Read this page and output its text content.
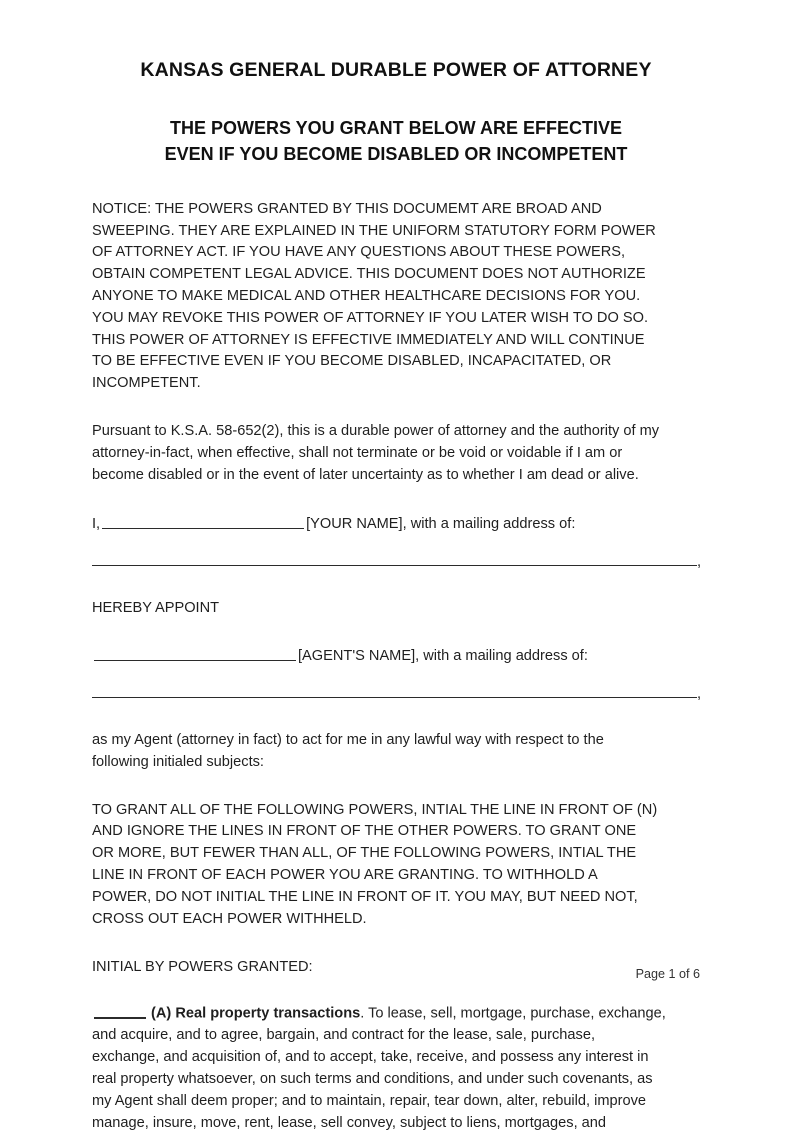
KANSAS GENERAL DURABLE POWER OF ATTORNEY
THE POWERS YOU GRANT BELOW ARE EFFECTIVE
EVEN IF YOU BECOME DISABLED OR INCOMPETENT

NOTICE: THE POWERS GRANTED BY THIS DOCUMEMT ARE BROAD AND
SWEEPING. THEY ARE EXPLAINED IN THE UNIFORM STATUTORY FORM POWER
OF ATTORNEY ACT. IF YOU HAVE ANY QUESTIONS ABOUT THESE POWERS,
OBTAIN COMPETENT LEGAL ADVICE. THIS DOCUMENT DOES NOT AUTHORIZE
ANYONE TO MAKE MEDICAL AND OTHER HEALTHCARE DECISIONS FOR YOU.
YOU MAY REVOKE THIS POWER OF ATTORNEY IF YOU LATER WISH TO DO SO.
THIS POWER OF ATTORNEY IS EFFECTIVE IMMEDIATELY AND WILL CONTINUE
TO BE EFFECTIVE EVEN IF YOU BECOME DISABLED, INCAPACITATED, OR
INCOMPETENT.

Pursuant to K.S.A. 58-652(2), this is a durable power of attorney and the authority of my
attorney-in-fact, when effective, shall not terminate or be void or voidable if I am or
become disabled or in the event of later uncertainty as to whether I am dead or alive.

I,	[YOUR NAME], with a mailing address of:
,

HEREBY APPOINT

[AGENT'S NAME], with a mailing address of:
,

as my Agent (attorney in fact) to act for me in any lawful way with respect to the
following initialed subjects:

TO GRANT ALL OF THE FOLLOWING POWERS, INTIAL THE LINE IN FRONT OF (N)
AND IGNORE THE LINES IN FRONT OF THE OTHER POWERS. TO GRANT ONE
OR MORE, BUT FEWER THAN ALL, OF THE FOLLOWING POWERS, INTIAL THE
LINE IN FRONT OF EACH POWER YOU ARE GRANTING. TO WITHHOLD A
POWER, DO NOT INITIAL THE LINE IN FRONT OF IT. YOU MAY, BUT NEED NOT,
CROSS OUT EACH POWER WITHHELD.

INITIAL BY POWERS GRANTED:

(A) Real property transactions. To lease, sell, mortgage, purchase, exchange,
and acquire, and to agree, bargain, and contract for the lease, sale, purchase,
exchange, and acquisition of, and to accept, take, receive, and possess any interest in
real property whatsoever, on such terms and conditions, and under such covenants, as
my Agent shall deem proper; and to maintain, repair, tear down, alter, rebuild, improve
manage, insure, move, rent, lease, sell convey, subject to liens, mortgages, and

Page 1 of 6
